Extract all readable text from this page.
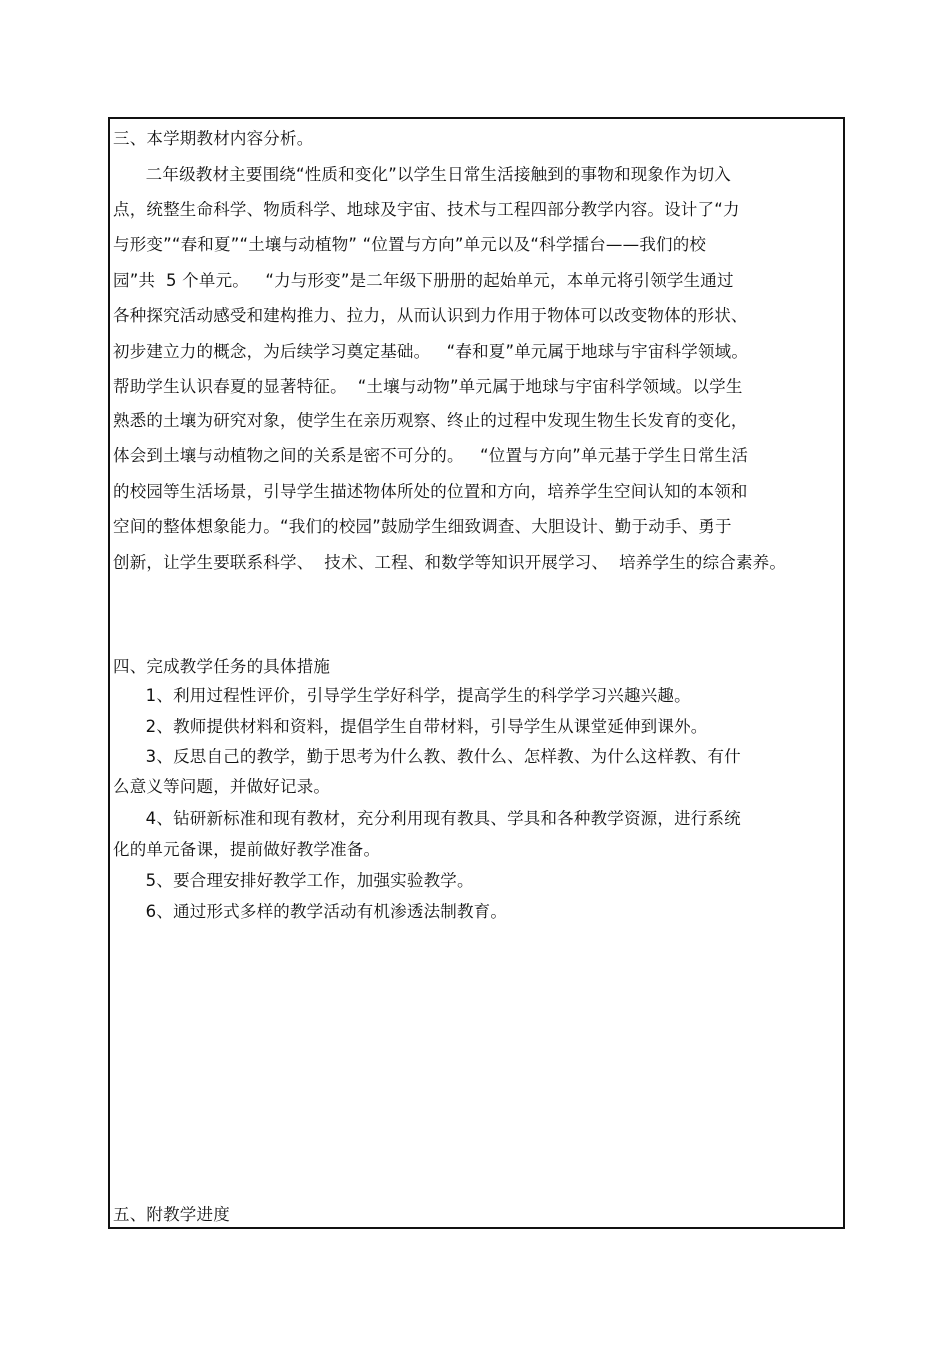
三、本学期教材内容分析。
二年级教材主要围绕“性质和变化”以学生日常生活接触到的事物和现象作为切入
点，统整生命科学、物质科学、地球及宇宙、技术与工程四部分教学内容。设计了“力
与形变”“春和夏”“土壤与动植物” “位置与方向”单元以及“科学擂台——我们的校
园”共  5 个单元。   “力与形变”是二年级下册册的起始单元，本单元将引领学生通过
各种探究活动感受和建构推力、拉力，从而认识到力作用于物体可以改变物体的形状、
初步建立力的概念，为后续学习奠定基础。   “春和夏”单元属于地球与宇宙科学领域。
帮助学生认识春夏的显著特征。  “土壤与动物”单元属于地球与宇宙科学领域。以学生
熟悉的土壤为研究对象，使学生在亲历观察、终止的过程中发现生物生长发育的变化，
体会到土壤与动植物之间的关系是密不可分的。   “位置与方向”单元基于学生日常生活
的校园等生活场景，引导学生描述物体所处的位置和方向，培养学生空间认知的本领和
空间的整体想象能力。“我们的校园”鼓励学生细致调查、大胆设计、勤于动手、勇于
创新，让学生要联系科学、  技术、工程、和数学等知识开展学习、  培养学生的综合素养。
四、完成教学任务的具体措施
1、利用过程性评价，引导学生学好科学，提高学生的科学学习兴趣兴趣。
2、教师提供材料和资料，提倡学生自带材料，引导学生从课堂延伸到课外。
3、反思自己的教学，勤于思考为什么教、教什么、怎样教、为什么这样教、有什
么意义等问题，并做好记录。
4、钻研新标准和现有教材，充分利用现有教具、学具和各种教学资源，进行系统
化的单元备课，提前做好教学准备。
5、要合理安排好教学工作，加强实验教学。
6、通过形式多样的教学活动有机渗透法制教育。
五、附教学进度
